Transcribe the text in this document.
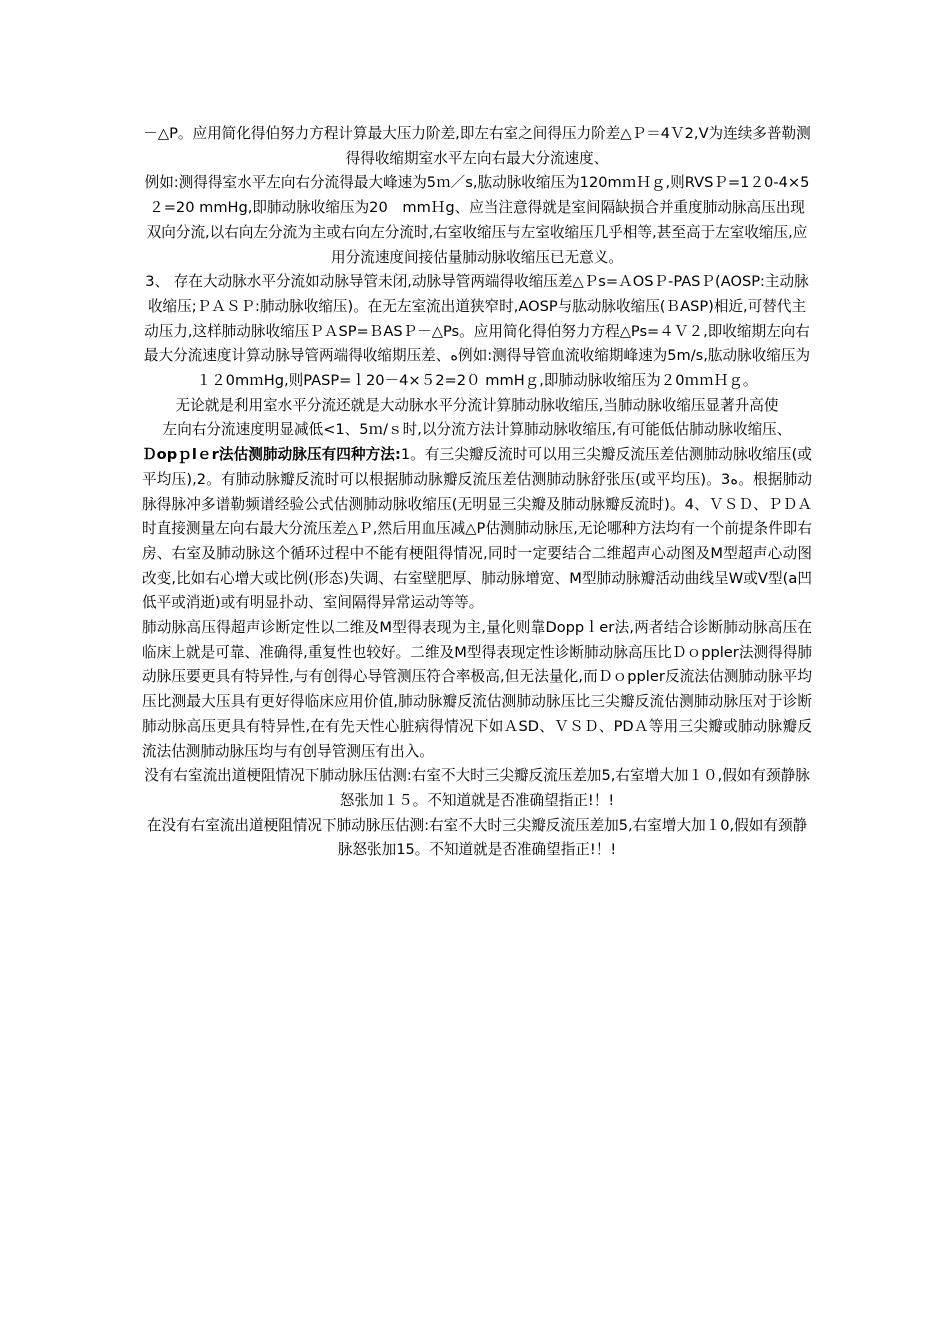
－△P。应用简化得伯努力方程计算最大压力阶差,即左右室之间得压力阶差△Ｐ＝4Ｖ2,V为连续多普勒测得得收缩期室水平左向右最大分流速度、

例如:测得得室水平左向右分流得最大峰速为5ｍ／s,肱动脉收缩压为120mｍＨｇ,则RVSＰ=1２0-4×5２=20 mmHg,即肺动脉收缩压为20　mmＨg、应当注意得就是室间隔缺损合并重度肺动脉高压出现双向分流,以右向左分流为主或右向左分流时,右室收缩压与左室收缩压几乎相等,甚至高于左室收缩压,应用分流速度间接估量肺动脉收缩压已无意义。

3、 存在大动脉水平分流如动脉导管未闭,动脉导管两端得收缩压差△Ｐs=ＡOSＰ-PASＰ(AOSP:主动脉收缩压;ＰＡＳＰ:肺动脉收缩压)。在无左室流出道狭窄时,AOSP与肱动脉收缩压(ＢASP)相近,可替代主动压力,这样肺动脉收缩压ＰＡSP=ＢASＰ－△Ps。应用简化得伯努力方程△Ps=４Ｖ２,即收缩期左向右最大分流速度计算动脉导管两端得收缩期压差、ﻩ例如:测得导管血流收缩期峰速为5m/s,肱动脉收缩压为１２0mｍHg,则PASP=ｌ20－4×５2=2０ mmHｇ,即肺动脉收缩压为２0ｍｍＨｇ。

无论就是利用室水平分流还就是大动脉水平分流计算肺动脉收缩压,当肺动脉收缩压显著升高使

左向右分流速度明显减低<1、5ｍ/ｓ时,以分流方法计算肺动脉收缩压,有可能低估肺动脉收缩压、

Ｄopｐlｅr法估测肺动脉压有四种方法:1。有三尖瓣反流时可以用三尖瓣反流压差估测肺动脉收缩压(或平均压),2。有肺动脉瓣反流时可以根据肺动脉瓣反流压差估测肺动脉舒张压(或平均压)。3ﻩ。根据肺动脉得脉冲多谱勒频谱经验公式估测肺动脉收缩压(无明显三尖瓣及肺动脉瓣反流时)。4、ＶＳＤ、ＰＤＡ时直接测量左向右最大分流压差△Ｐ,然后用血压减△P估测肺动脉压,无论哪种方法均有一个前提条件即右房、右室及肺动脉这个循环过程中不能有梗阻得情况,同时一定要结合二维超声心动图及M型超声心动图改变,比如右心增大或比例(形态)失调、右室壁肥厚、肺动脉增宽、M型肺动脉瓣活动曲线呈W或V型(a凹低平或消逝)或有明显扑动、室间隔得异常运动等等。

肺动脉高压得超声诊断定性以二维及M型得表现为主,量化则靠Doppｌer法,两者结合诊断肺动脉高压在临床上就是可靠、准确得,重复性也较好。二维及M型得表现定性诊断肺动脉高压比Ｄｏppler法测得得肺动脉压要更具有特异性,与有创得心导管测压符合率极高,但无法量化,而Ｄｏppler反流法估测肺动脉平均压比测最大压具有更好得临床应用价值,肺动脉瓣反流估测肺动脉压比三尖瓣反流估测肺动脉压对于诊断肺动脉高压更具有特异性,在有先天性心脏病得情况下如ＡSD、ＶＳＤ、PDＡ等用三尖瓣或肺动脉瓣反流法估测肺动脉压均与有创导管测压有出入。

没有右室流出道梗阻情况下肺动脉压估测:右室不大时三尖瓣反流压差加5,右室增大加１０,假如有颈静脉怒张加１５。不知道就是否准确望指正!！!

在没有右室流出道梗阻情况下肺动脉压估测:右室不大时三尖瓣反流压差加5,右室增大加１0,假如有颈静脉怒张加15。不知道就是否准确望指正!！!
